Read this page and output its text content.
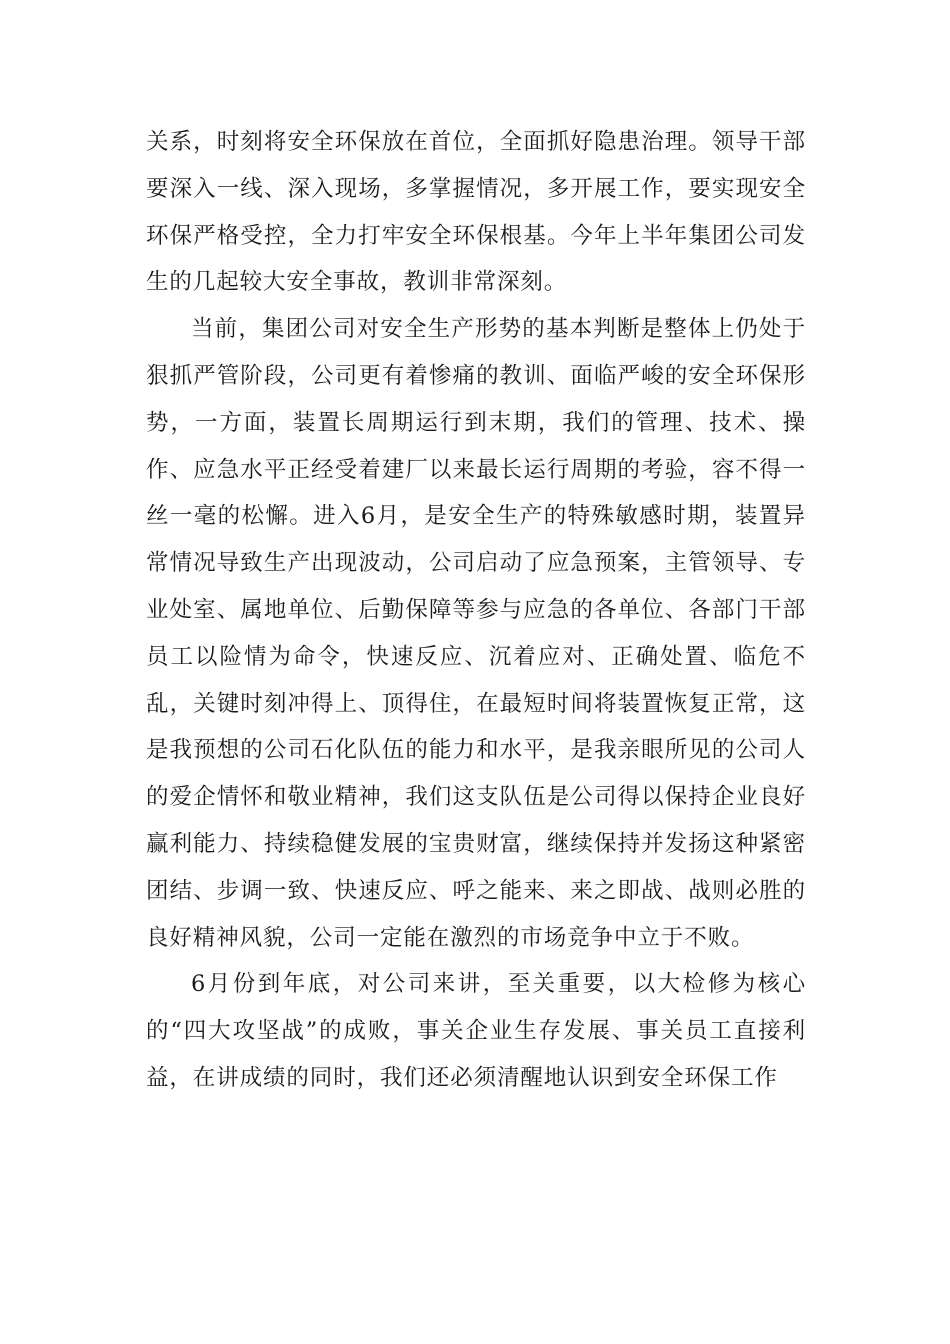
关系，时刻将安全环保放在首位，全面抓好隐患治理。领导干部要深入一线、深入现场，多掌握情况，多开展工作，要实现安全环保严格受控，全力打牢安全环保根基。今年上半年集团公司发生的几起较大安全事故，教训非常深刻。

当前，集团公司对安全生产形势的基本判断是整体上仍处于狠抓严管阶段，公司更有着惨痛的教训、面临严峻的安全环保形势，一方面，装置长周期运行到末期，我们的管理、技术、操作、应急水平正经受着建厂以来最长运行周期的考验，容不得一丝一毫的松懈。进入6月，是安全生产的特殊敏感时期，装置异常情况导致生产出现波动，公司启动了应急预案，主管领导、专业处室、属地单位、后勤保障等参与应急的各单位、各部门干部员工以险情为命令，快速反应、沉着应对、正确处置、临危不乱，关键时刻冲得上、顶得住，在最短时间将装置恢复正常，这是我预想的公司石化队伍的能力和水平，是我亲眼所见的公司人的爱企情怀和敬业精神，我们这支队伍是公司得以保持企业良好赢利能力、持续稳健发展的宝贵财富，继续保持并发扬这种紧密团结、步调一致、快速反应、呼之能来、来之即战、战则必胜的良好精神风貌，公司一定能在激烈的市场竞争中立于不败。

6月份到年底，对公司来讲，至关重要，以大检修为核心的“四大攻坚战”的成败，事关企业生存发展、事关员工直接利益，在讲成绩的同时，我们还必须清醒地认识到安全环保工作
